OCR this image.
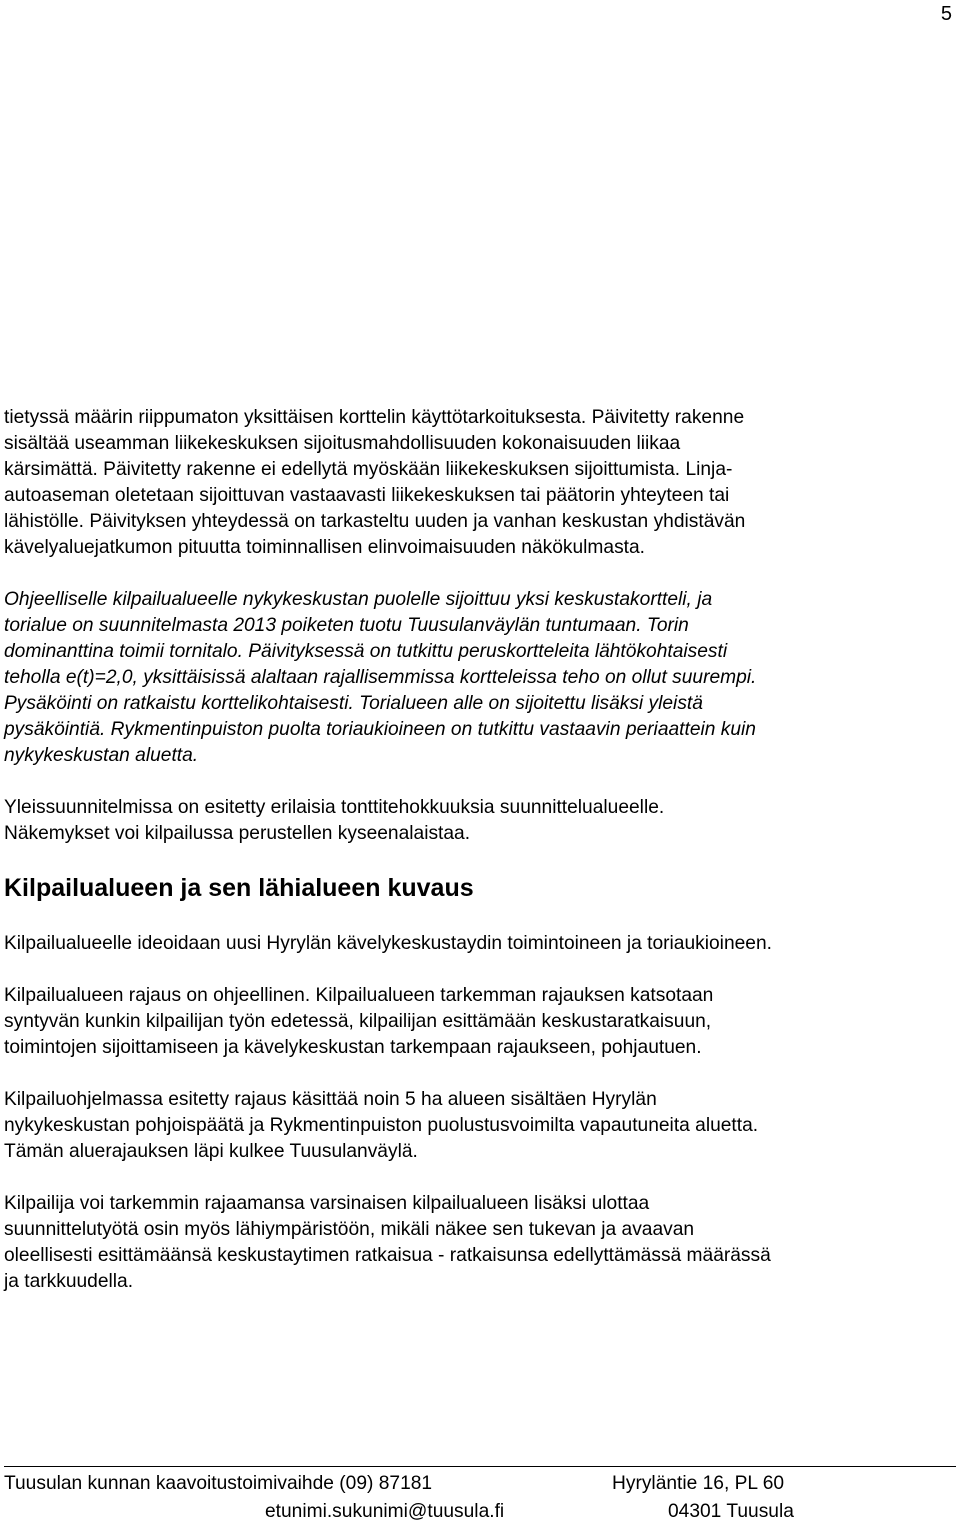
5

tietyssä määrin riippumaton yksittäisen korttelin käyttötarkoituksesta. Päivitetty rakenne
sisältää useamman liikekeskuksen sijoitusmahdollisuuden kokonaisuuden liikaa
kärsimättä. Päivitetty rakenne ei edellytä myöskään liikekeskuksen sijoittumista. Linja-
autoaseman oletetaan sijoittuvan vastaavasti liikekeskuksen tai päätorin yhteyteen tai
lähistölle. Päivityksen yhteydessä on tarkasteltu uuden ja vanhan keskustan yhdistävän
kävelyaluejatkumon pituutta toiminnallisen elinvoimaisuuden näkökulmasta.

Ohjeelliselle kilpailualueelle nykykeskustan puolelle sijoittuu yksi keskustakortteli, ja
torialue on suunnitelmasta 2013 poiketen tuotu Tuusulanväylän tuntumaan. Torin
dominanttina toimii tornitalo. Päivityksessä on tutkittu peruskortteleita lähtökohtaisesti
teholla e(t)=2,0, yksittäisissä alaltaan rajallisemmissa kortteleissa teho on ollut suurempi.
Pysäköinti on ratkaistu korttelikohtaisesti. Torialueen alle on sijoitettu lisäksi yleistä
pysäköintiä. Rykmentinpuiston puolta toriaukioineen on tutkittu vastaavin periaattein kuin
nykykeskustan aluetta.

Yleissuunnitelmissa on esitetty erilaisia tonttitehokkuuksia suunnittelualueelle.
Näkemykset voi kilpailussa perustellen kyseenalaistaa.

Kilpailualueen ja sen lähialueen kuvaus

Kilpailualueelle ideoidaan uusi Hyrylän kävelykeskustaydin toimintoineen ja toriaukioineen.

Kilpailualueen rajaus on ohjeellinen. Kilpailualueen tarkemman rajauksen katsotaan
syntyvän kunkin kilpailijan työn edetessä, kilpailijan esittämään keskustaratkaisuun,
toimintojen sijoittamiseen ja kävelykeskustan tarkempaan rajaukseen, pohjautuen.

Kilpailuohjelmassa esitetty rajaus käsittää noin 5 ha alueen sisältäen Hyrylän
nykykeskustan pohjoispäätä ja Rykmentinpuiston puolustusvoimilta vapautuneita aluetta.
Tämän aluerajauksen läpi kulkee Tuusulanväylä.

Kilpailija voi tarkemmin rajaamansa varsinaisen kilpailualueen lisäksi ulottaa
suunnittelutyötä osin myös lähiympäristöön, mikäli näkee sen tukevan ja avaavan
oleellisesti esittämäänsä keskustaytimen ratkaisua - ratkaisunsa edellyttämässä määrässä
ja tarkkuudella.

Tuusulan kunnan kaavoitustoimivaihde (09) 87181	Hyryläntie 16, PL 60
etunimi.sukunimi@tuusula.fi	04301 Tuusula
